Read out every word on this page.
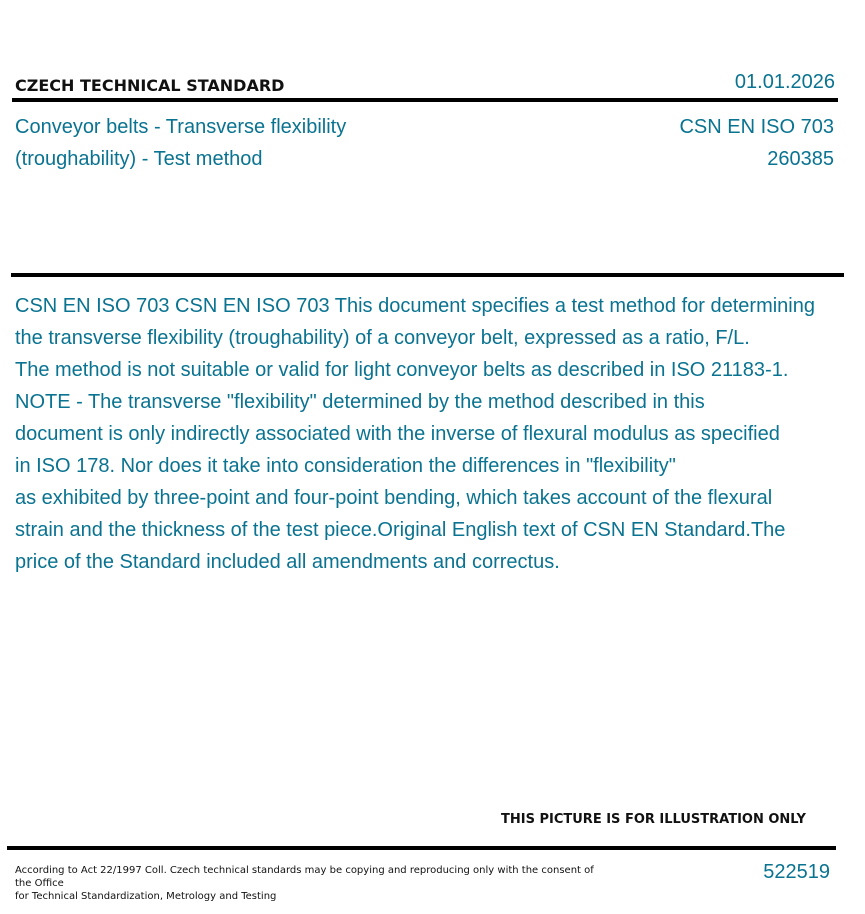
CZECH TECHNICAL STANDARD	01.01.2026
Conveyor belts - Transverse flexibility
(troughability) - Test method
CSN EN ISO 703
260385
CSN EN ISO 703 CSN EN ISO 703 This document specifies a test method for determining
the transverse flexibility (troughability) of a conveyor belt, expressed as a ratio, F/L.
The method is not suitable or valid for light conveyor belts as described in ISO 21183-1.
NOTE - The transverse "flexibility" determined by the method described in this
document is only indirectly associated with the inverse of flexural modulus as specified
in ISO 178. Nor does it take into consideration the differences in "flexibility"
as exhibited by three-point and four-point bending, which takes account of the flexural
strain and the thickness of the test piece.Original English text of CSN EN Standard.The
price of the Standard included all amendments and correctus.
THIS PICTURE IS FOR ILLUSTRATION ONLY
According to Act 22/1997 Coll. Czech technical standards may be copying and reproducing only with the consent of the Office
for Technical Standardization, Metrology and Testing
522519
